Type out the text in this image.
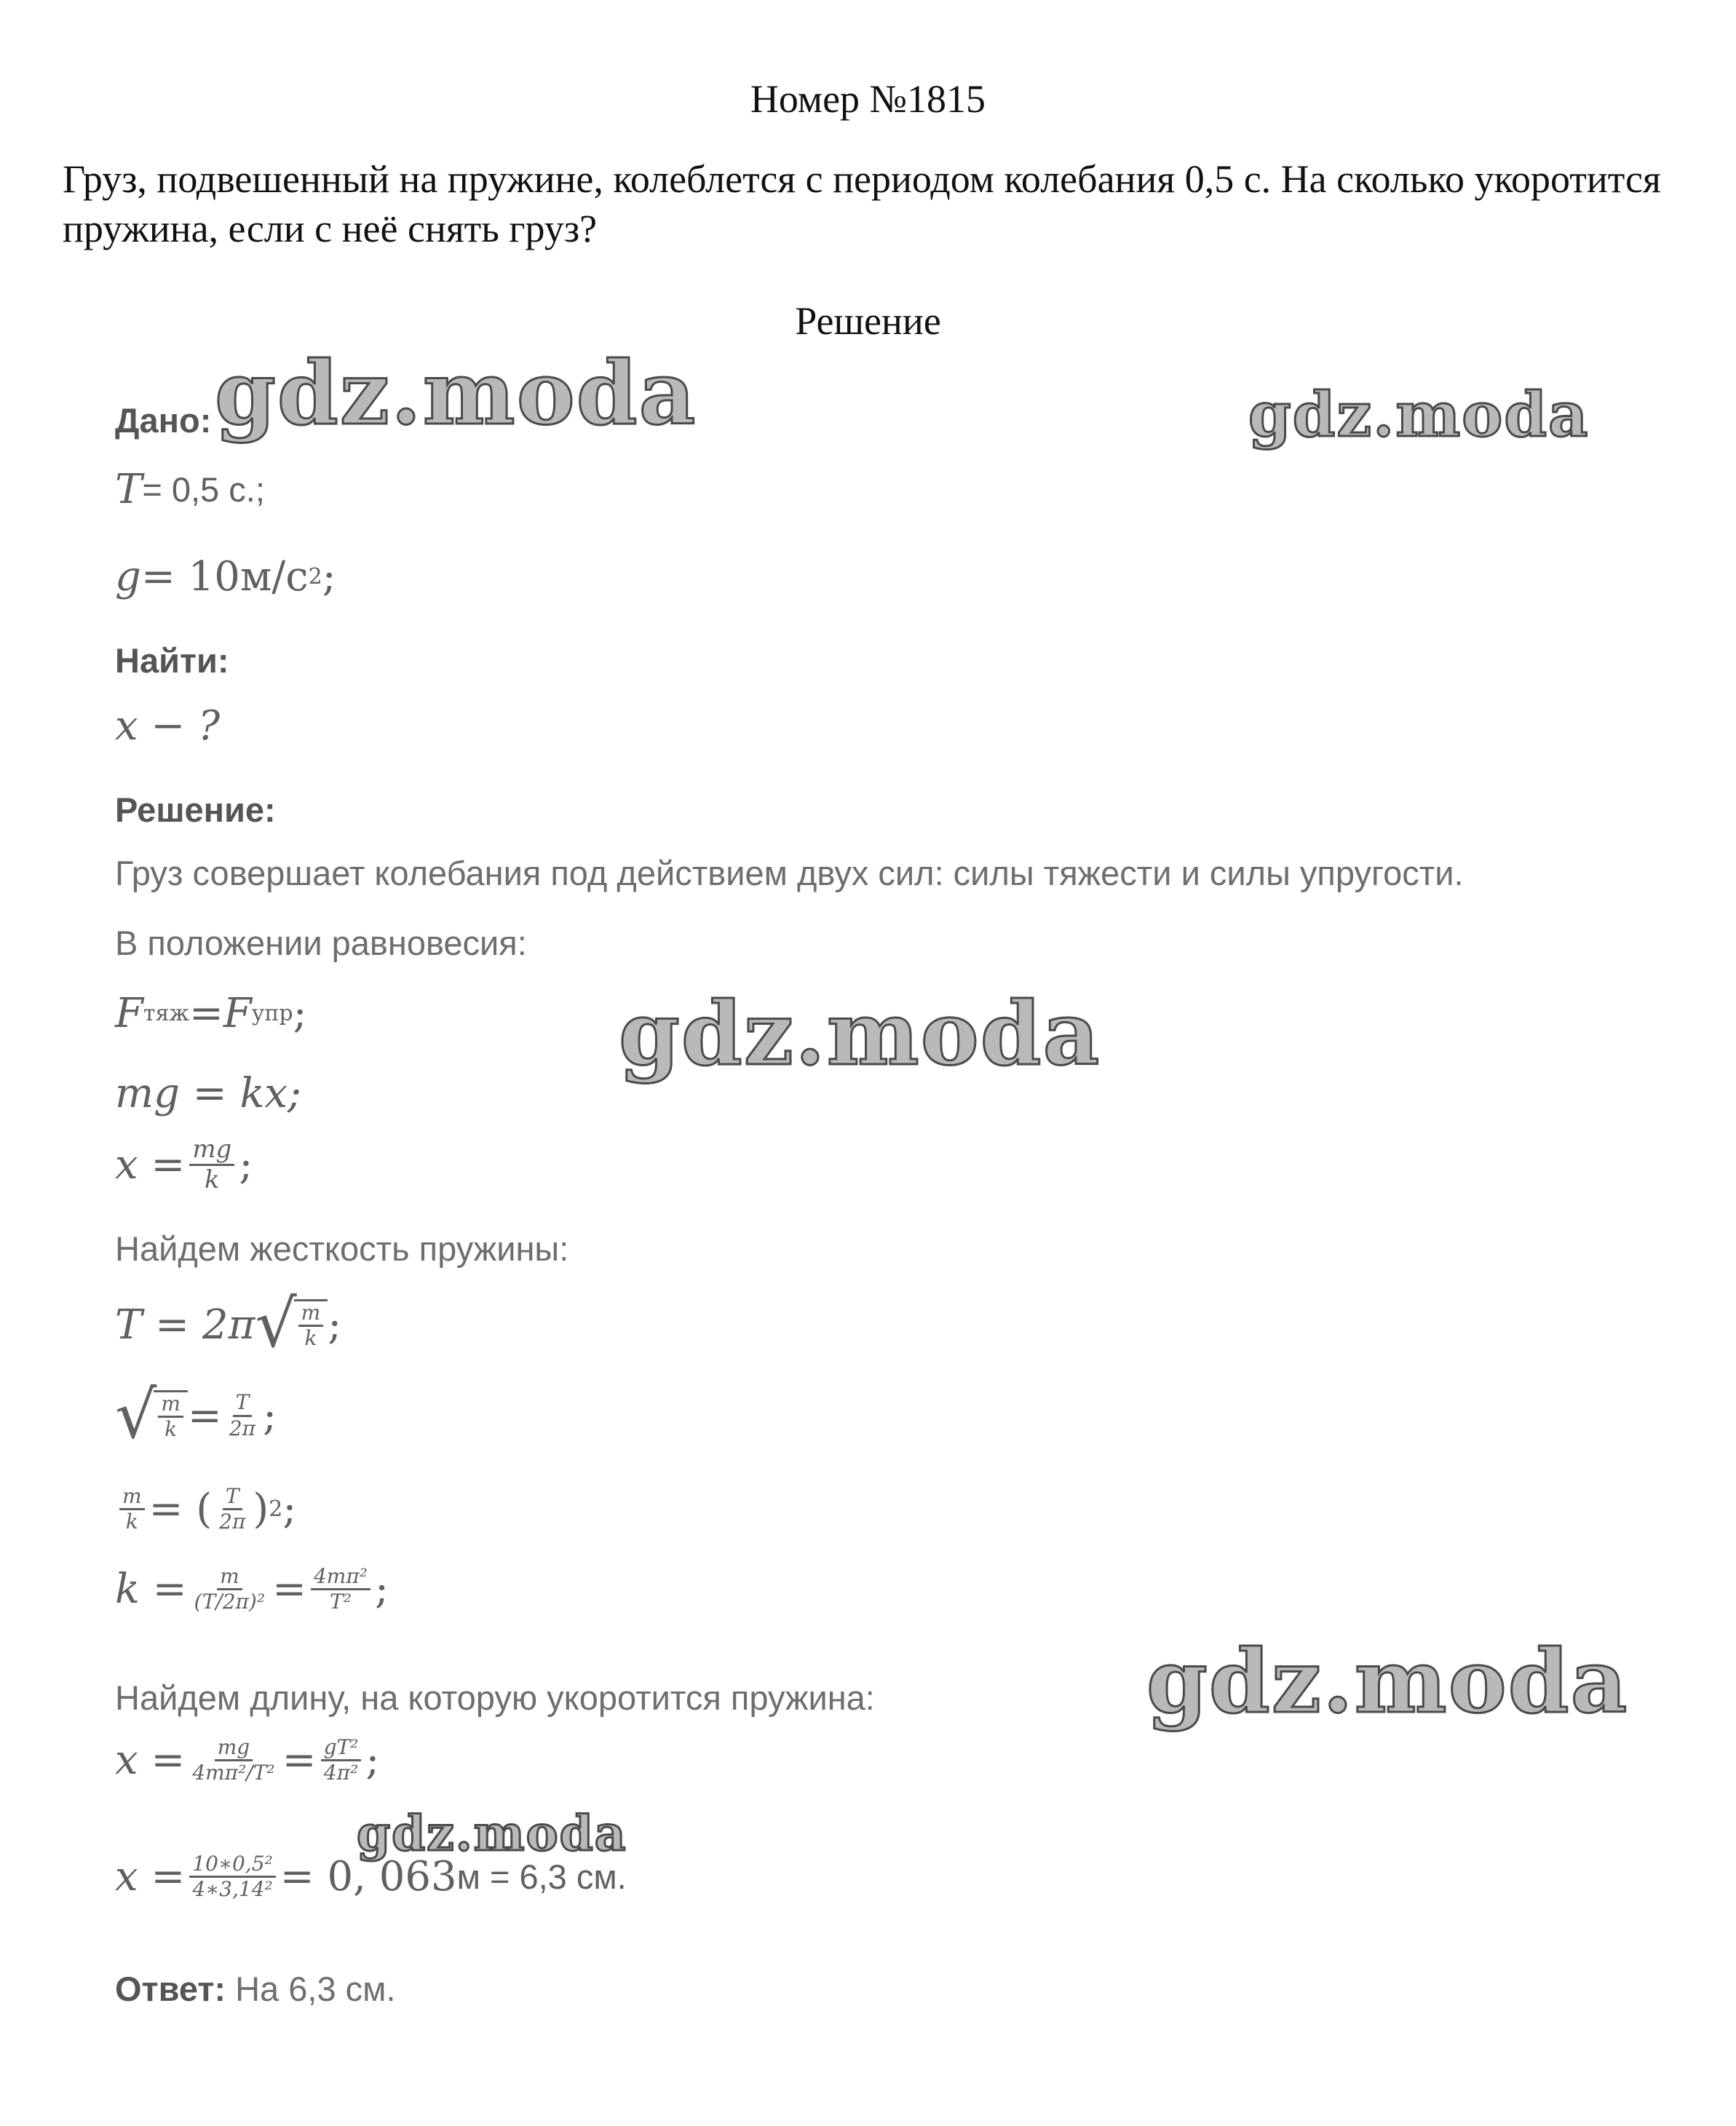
Номер №1815
Груз, подвешенный на пружине, колеблется с периодом колебания 0,5 с. На сколько укоротится пружина, если с неё снять груз?
Решение
Дано:
T = 0,5 с.;
g = 10м/с 2 ;
Найти:
x − ?
Решение:
Груз совершает колебания под действием двух сил: силы тяжести и силы упругости.
В положении равновесия:
F тяж = F упр ;
mg = kx;
$x = \frac{mg}{k}$ ;
Найдем жесткость пружины:
T = 2π √ $\frac{m}{k}$ ;
√ $\frac{m}{k} = \frac{T}{2\pi}$ ;
$\frac{m}{k}$ = ( $\frac{T}{2\pi}$ ) 2 ;
$k = \frac{m}{\text{(T/2π)²}} = \frac{\text{4mπ²}}{\text{T²}}$ ;
Найдем длину, на которую укоротится пружина:
$x = \frac{mg}{\text{4mπ²/T²}} = \frac{\text{gT²}}{\text{4π²}}$ ;
$x = \frac{\text{10∗0,5²}}{\text{4∗3,14²}} = 0$, 063 м = 6,3 см.
Ответ: На 6,3 см.
gdz.moda	gdz.moda
gdz.moda
gdz.moda
gdz.moda
